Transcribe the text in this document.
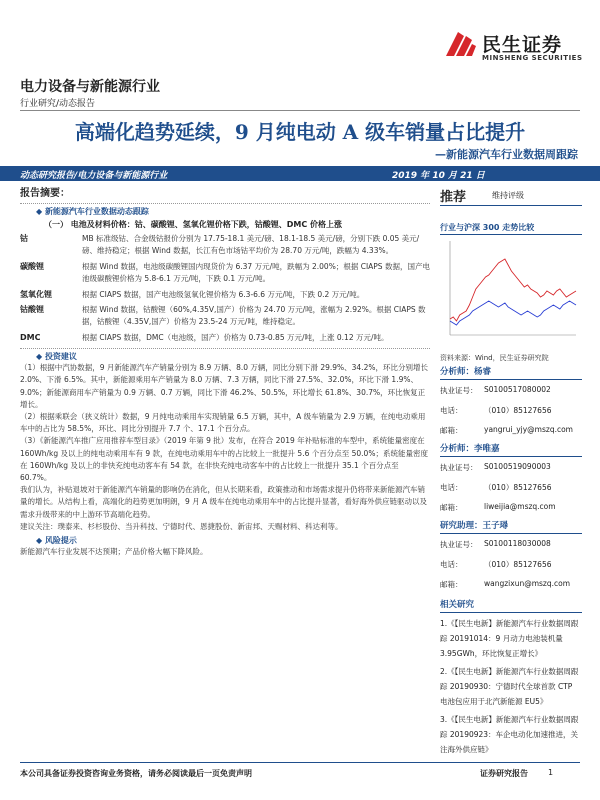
民生证券
MINSHENG SECURITIES
电力设备与新能源行业
行业研究/动态报告
高端化趋势延续，9 月纯电动 A 级车销量占比提升
—新能源汽车行业数据周跟踪
动态研究报告/电力设备与新能源行业	2019 年 10 月 21 日
报告摘要：
◆ 新能源汽车行业数据动态跟踪
（一） 电池及材料价格：钴、碳酸锂、氢氧化锂价格下跌，钴酸锂、DMC 价格上涨
钴	MB 标准级钴、合金级钴报价分别为 17.75-18.1 美元/磅、18.1-18.5 美元/磅，分别下跌 0.05 美元/磅、维持稳定；根据 Wind 数据，长江有色市场钴平均价为 28.70 万元/吨，跌幅为 4.33%。
碳酸锂	根据 Wind 数据，电池级碳酸锂国内现货价为 6.37 万元/吨，跌幅为 2.00%；根据 CIAPS 数据，国产电池级碳酸锂价格为 5.8-6.1 万元/吨，下跌 0.1 万元/吨。
氢氧化锂	根据 CIAPS 数据，国产电池级氢氧化锂价格为 6.3-6.6 万元/吨，下跌 0.2 万元/吨。
钴酸锂	根据 Wind 数据，钴酸锂（60%,4.35V,国产）价格为 24.70 万元/吨，涨幅为 2.92%。根据 CIAPS 数据，钴酸锂（4.35V,国产）价格为 23.5-24 万元/吨，维持稳定。
DMC	根据 CIAPS 数据，DMC（电池级，国产）价格为 0.73-0.85 万元/吨，上涨 0.12 万元/吨。
◆ 投资建议
（1）根据中汽协数据，9 月新能源汽车产销量分别为 8.9 万辆、8.0 万辆，同比分别下滑 29.9%、34.2%，环比分别增长 2.0%、下滑 6.5%。其中，新能源乘用车产销量为 8.0 万辆、7.3 万辆，同比下滑 27.5%、32.0%，环比下滑 1.9%、9.0%；新能源商用车产销量为 0.9 万辆、0.7 万辆，同比下滑 46.2%、50.5%，环比增长 61.8%、30.7%，环比恢复正增长。
（2）根据乘联会（狭义统计）数据，9 月纯电动乘用车实现销量 6.5 万辆，其中，A 级车销量为 2.9 万辆，在纯电动乘用车中的占比为 58.5%，环比、同比分别提升 7.7 个、17.1 个百分点。
（3）《新能源汽车推广应用推荐车型目录》（2019 年第 9 批）发布，在符合 2019 年补贴标准的车型中，系统能量密度在 160Wh/kg 及以上的纯电动乘用车有 9 款，在纯电动乘用车中的占比较上一批提升 5.6 个百分点至 50.0%；系统能量密度在 160Wh/kg 及以上的非快充纯电动客车有 54 款，在非快充纯电动客车中的占比较上一批提升 35.1 个百分点至 60.7%。
我们认为，补贴退坡对于新能源汽车销量的影响仍在消化，但从长期来看，政策推动和市场需求提升仍将带来新能源汽车销量的增长。从结构上看，高端化的趋势更加明朗，9 月 A 级车在纯电动乘用车中的占比提升显著，看好海外供应链驱动以及需求升级带来的中上游环节高端化趋势。
建议关注：璞泰来、杉杉股份、当升科技、宁德时代、恩捷股份、新宙邦、天赐材料、科达利等。
◆ 风险提示
新能源汽车行业发展不达预期；产品价格大幅下降风险。
推荐	维持评级
行业与沪深 300 走势比较
资料来源：Wind，民生证券研究院
分析师：杨睿
执业证号： S0100517080002
电话：	（010）85127656
邮箱：	yangrui_yjy@mszq.com
分析师：李唯嘉
执业证号： S0100519090003
电话：	（010）85127656
邮箱：	liweijia@mszq.com
研究助理：王子璕
执业证号： S0100118030008
电话：	（010）85127656
邮箱：	wangzixun@mszq.com
相关研究
1.《【民生电新】新能源汽车行业数据周跟踪 20191014：9 月动力电池装机量 3.95GWh，环比恢复正增长》
2.《【民生电新】新能源汽车行业数据周跟踪 20190930：宁德时代全球首款 CTP 电池包应用于北汽新能源 EU5》
3.《【民生电新】新能源汽车行业数据周跟踪 20190923：车企电动化加速推进，关注海外供应链》
本公司具备证券投资咨询业务资格，请务必阅读最后一页免责声明	证券研究报告	1
